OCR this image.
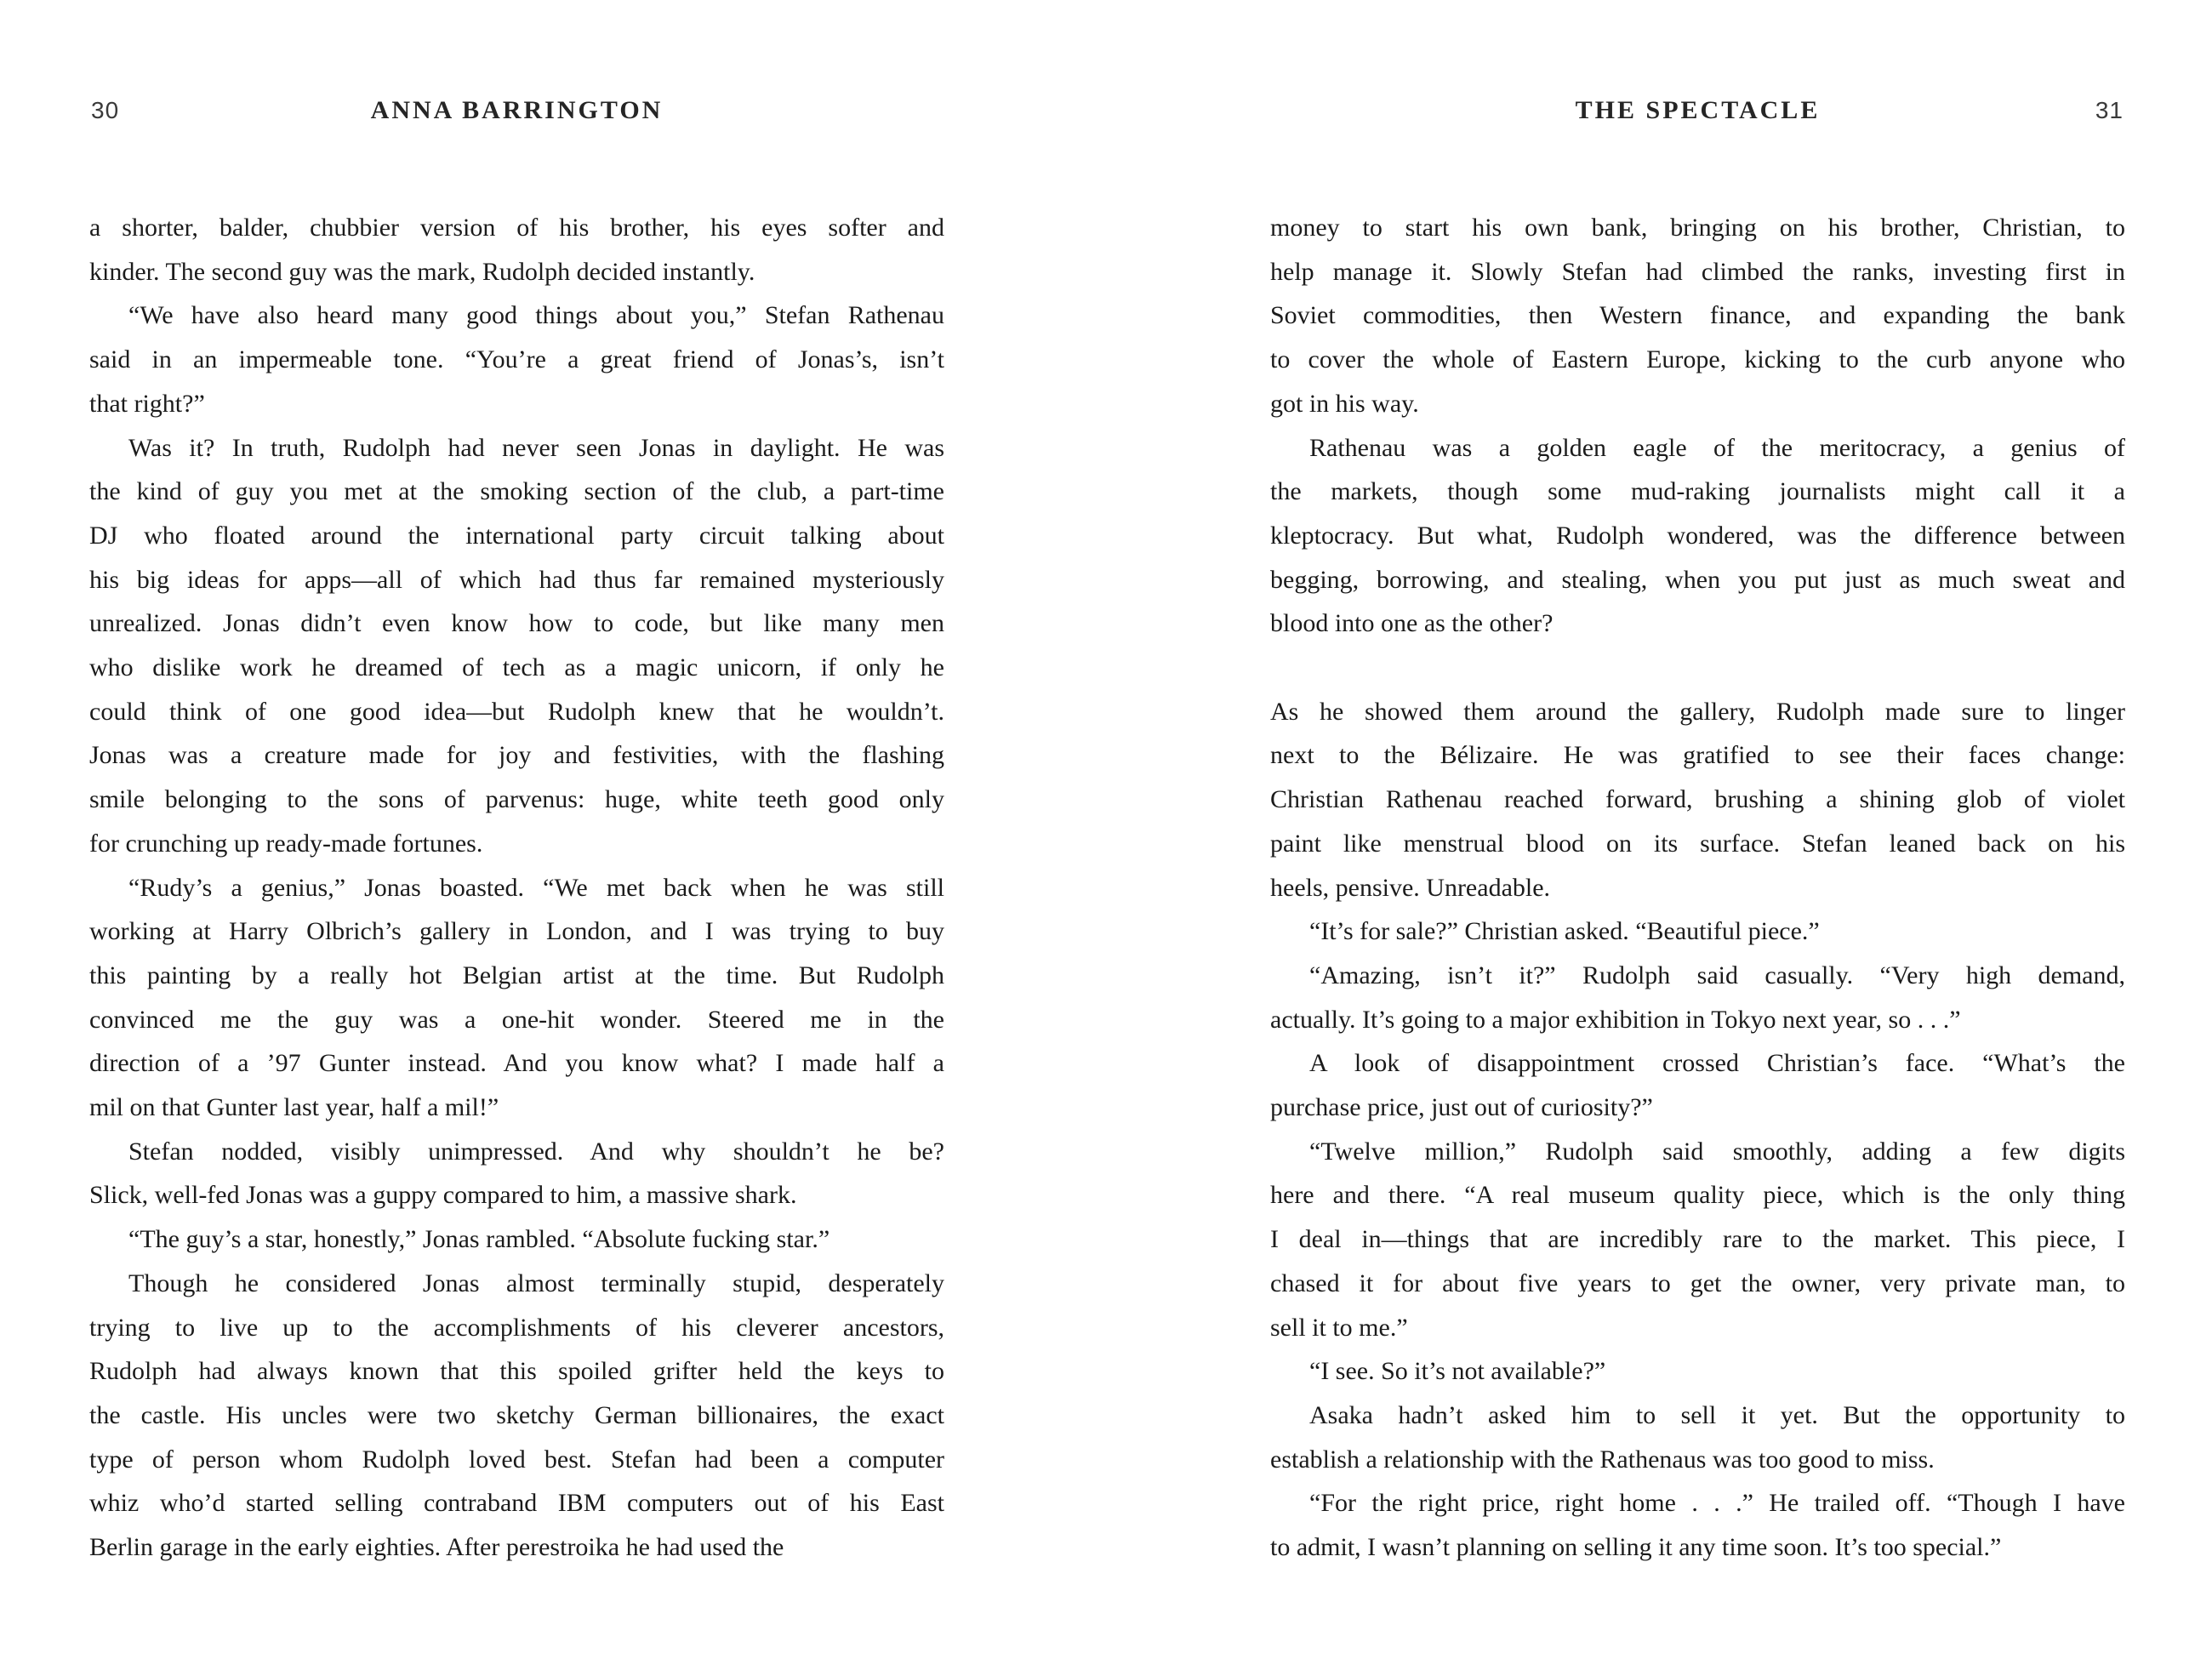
30	ANNA BARRINGTON
a shorter, balder, chubbier version of his brother, his eyes softer and
kinder. The second guy was the mark, Rudolph decided instantly.
“We have also heard many good things about you,” Stefan Rathenau
said in an impermeable tone. “You’re a great friend of Jonas’s, isn’t
that right?”
Was it? In truth, Rudolph had never seen Jonas in daylight. He was
the kind of guy you met at the smoking section of the club, a part-time
DJ who floated around the international party circuit talking about
his big ideas for apps—all of which had thus far remained mysteriously
unrealized. Jonas didn’t even know how to code, but like many men
who dislike work he dreamed of tech as a magic unicorn, if only he
could think of one good idea—but Rudolph knew that he wouldn’t.
Jonas was a creature made for joy and festivities, with the flashing
smile belonging to the sons of parvenus: huge, white teeth good only
for crunching up ready-made fortunes.
“Rudy’s a genius,” Jonas boasted. “We met back when he was still
working at Harry Olbrich’s gallery in London, and I was trying to buy
this painting by a really hot Belgian artist at the time. But Rudolph
convinced me the guy was a one-hit wonder. Steered me in the
direction of a ’97 Gunter instead. And you know what? I made half a
mil on that Gunter last year, half a mil!”
Stefan nodded, visibly unimpressed. And why shouldn’t he be?
Slick, well-fed Jonas was a guppy compared to him, a massive shark.
“The guy’s a star, honestly,” Jonas rambled. “Absolute fucking star.”
Though he considered Jonas almost terminally stupid, desperately
trying to live up to the accomplishments of his cleverer ancestors,
Rudolph had always known that this spoiled grifter held the keys to
the castle. His uncles were two sketchy German billionaires, the exact
type of person whom Rudolph loved best. Stefan had been a computer
whiz who’d started selling contraband IBM computers out of his East
Berlin garage in the early eighties. After perestroika he had used the
31
THE SPECTACLE
money to start his own bank, bringing on his brother, Christian, to
help manage it. Slowly Stefan had climbed the ranks, investing first in
Soviet commodities, then Western finance, and expanding the bank
to cover the whole of Eastern Europe, kicking to the curb anyone who
got in his way.
Rathenau was a golden eagle of the meritocracy, a genius of
the markets, though some mud-raking journalists might call it a
kleptocracy. But what, Rudolph wondered, was the difference between
begging, borrowing, and stealing, when you put just as much sweat and
blood into one as the other?
As he showed them around the gallery, Rudolph made sure to linger
next to the Bélizaire. He was gratified to see their faces change:
Christian Rathenau reached forward, brushing a shining glob of violet
paint like menstrual blood on its surface. Stefan leaned back on his
heels, pensive. Unreadable.
“It’s for sale?” Christian asked. “Beautiful piece.”
“Amazing, isn’t it?” Rudolph said casually. “Very high demand,
actually. It’s going to a major exhibition in Tokyo next year, so . . .”
A look of disappointment crossed Christian’s face. “What’s the
purchase price, just out of curiosity?”
“Twelve million,” Rudolph said smoothly, adding a few digits
here and there. “A real museum quality piece, which is the only thing
I deal in—things that are incredibly rare to the market. This piece, I
chased it for about five years to get the owner, very private man, to
sell it to me.”
“I see. So it’s not available?”
Asaka hadn’t asked him to sell it yet. But the opportunity to
establish a relationship with the Rathenaus was too good to miss.
“For the right price, right home . . .” He trailed off. “Though I have
to admit, I wasn’t planning on selling it any time soon. It’s too special.”
